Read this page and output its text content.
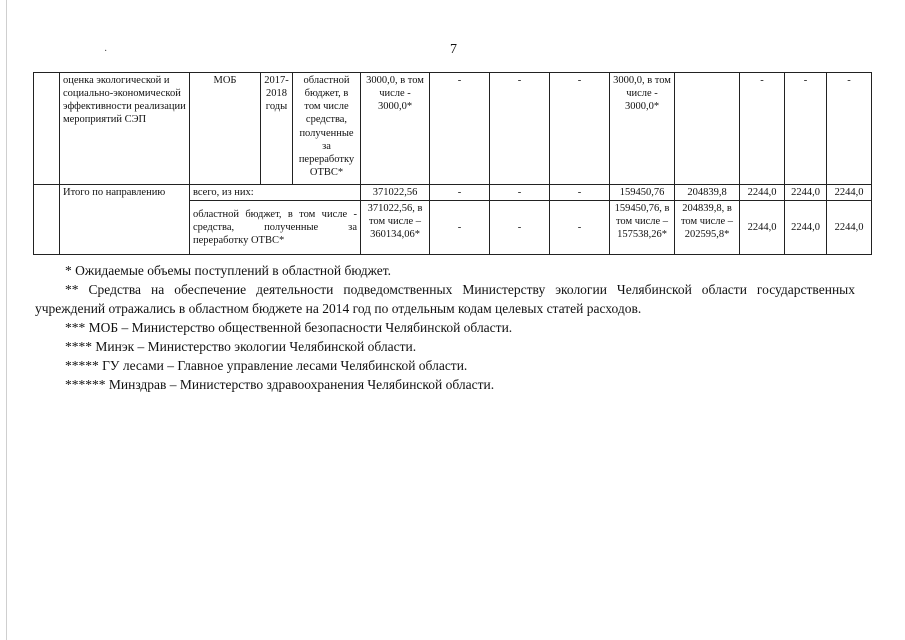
·	7
	оценка экологической и социально-экономической эффективности реализации мероприятий СЭП	МОБ	2017-2018 годы	областной бюджет, в том числе средства, полученные за переработку ОТВС*	3000,0, в том числе - 3000,0*	-	-	-	3000,0, в том числе - 3000,0*		-	-	-
	Итого по направлению	всего, из них:			371022,56	-	-	-	159450,76	204839,8	2244,0	2244,0	2244,0
		областной бюджет, в том числе - средства, полученные за переработку ОТВС*			371022,56, в том числе – 360134,06*	-	-	-	159450,76, в том числе – 157538,26*	204839,8, в том числе – 202595,8*	2244,0	2244,0	2244,0

* Ожидаемые объемы поступлений в областной бюджет.

** Средства на обеспечение деятельности подведомственных Министерству экологии Челябинской области государственных учреждений отражались в областном бюджете на 2014 год по отдельным кодам целевых статей расходов.

*** МОБ – Министерство общественной безопасности Челябинской области.

**** Минэк – Министерство экологии Челябинской области.

***** ГУ лесами – Главное управление лесами Челябинской области.

****** Минздрав – Министерство здравоохранения Челябинской области.
